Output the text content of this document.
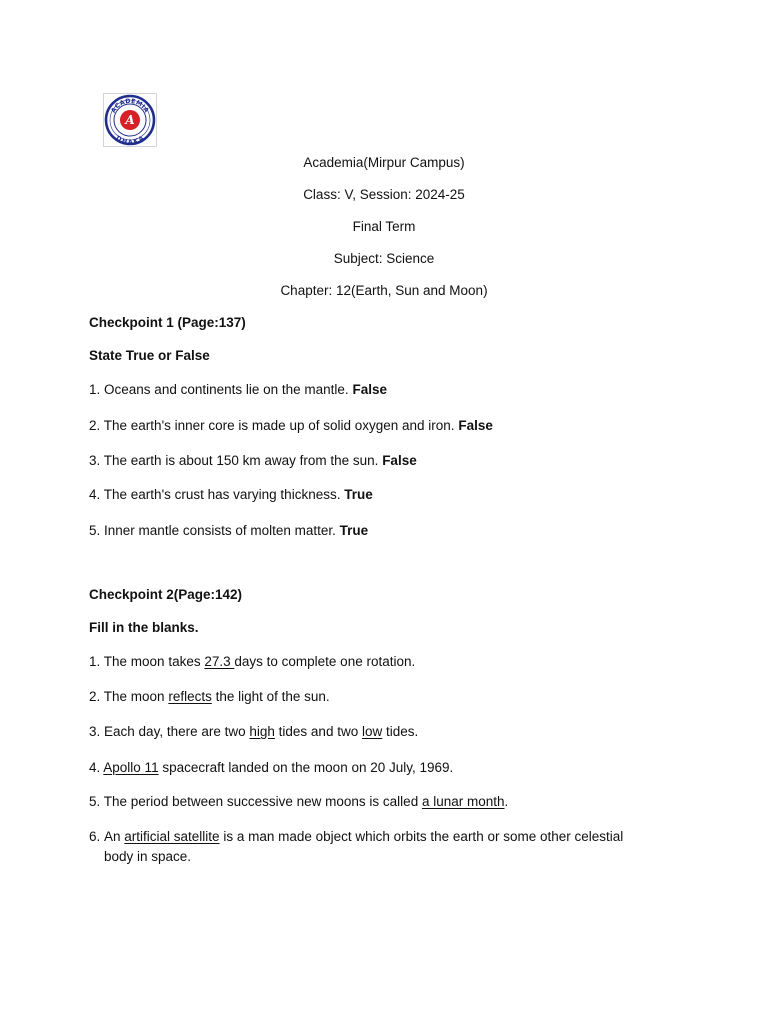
A
ACADEMIA
DHAKA
Academia(Mirpur Campus)
Class: V, Session: 2024-25
Final Term
Subject: Science
Chapter: 12(Earth, Sun and Moon)
Checkpoint 1 (Page:137)
State True or False
1. Oceans and continents lie on the mantle. False
2. The earth's inner core is made up of solid oxygen and iron. False
3. The earth is about 150 km away from the sun. False
4. The earth's crust has varying thickness. True
5. Inner mantle consists of molten matter. True
Checkpoint 2(Page:142)
Fill in the blanks.
1. The moon takes 27.3 days to complete one rotation.
2. The moon reflects the light of the sun.
3. Each day, there are two high tides and two low tides.
4. Apollo 11 spacecraft landed on the moon on 20 July, 1969.
5. The period between successive new moons is called a lunar month.
6. An artificial satellite is a man made object which orbits the earth or some other celestial body in space.
